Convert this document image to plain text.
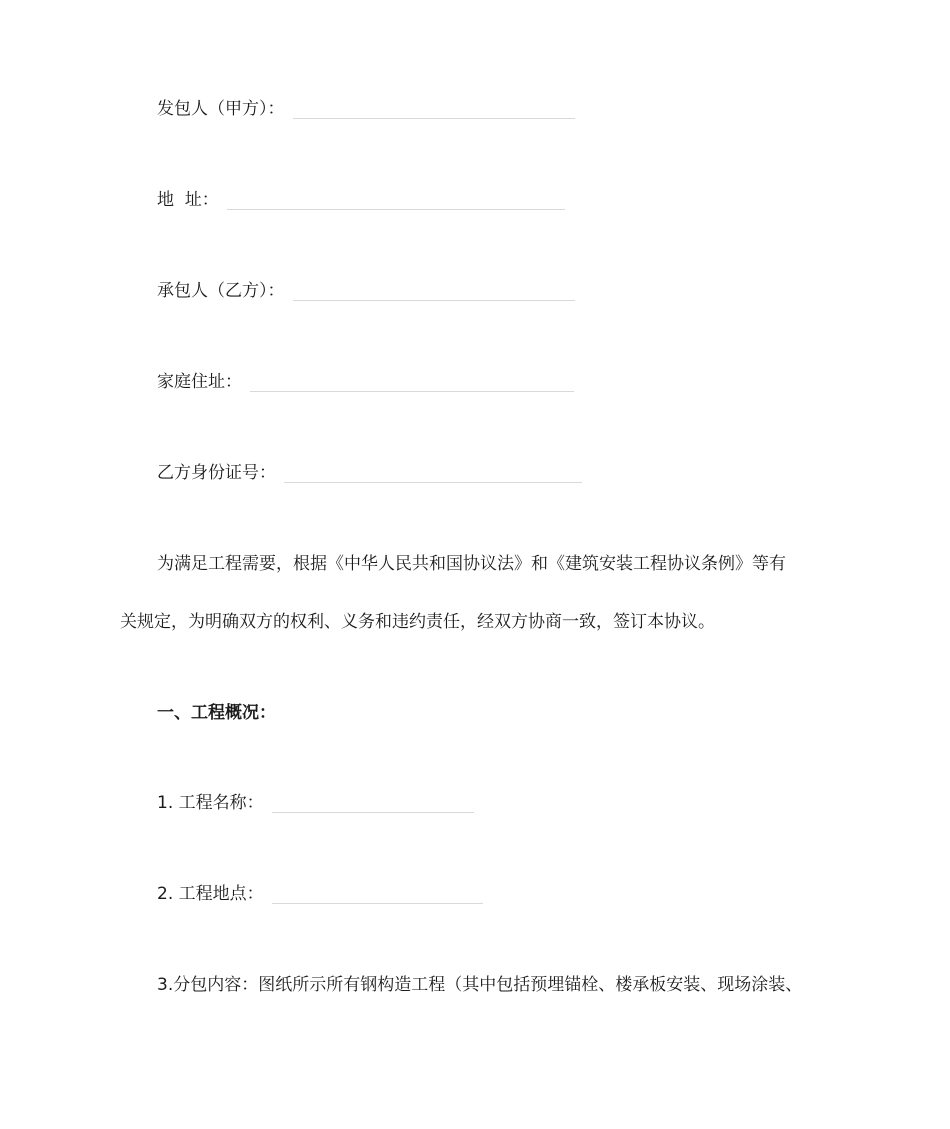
发包人（甲方）：
地  址：
承包人（乙方）：
家庭住址：
乙方身份证号：
为满足工程需要，根据《中华人民共和国协议法》和《建筑安装工程协议条例》等有
关规定，为明确双方的权利、义务和违约责任，经双方协商一致，签订本协议。
一、工程概况：
1. 工程名称：
2. 工程地点：
3.分包内容：图纸所示所有钢构造工程（其中包括预埋锚栓、楼承板安装、现场涂装、
